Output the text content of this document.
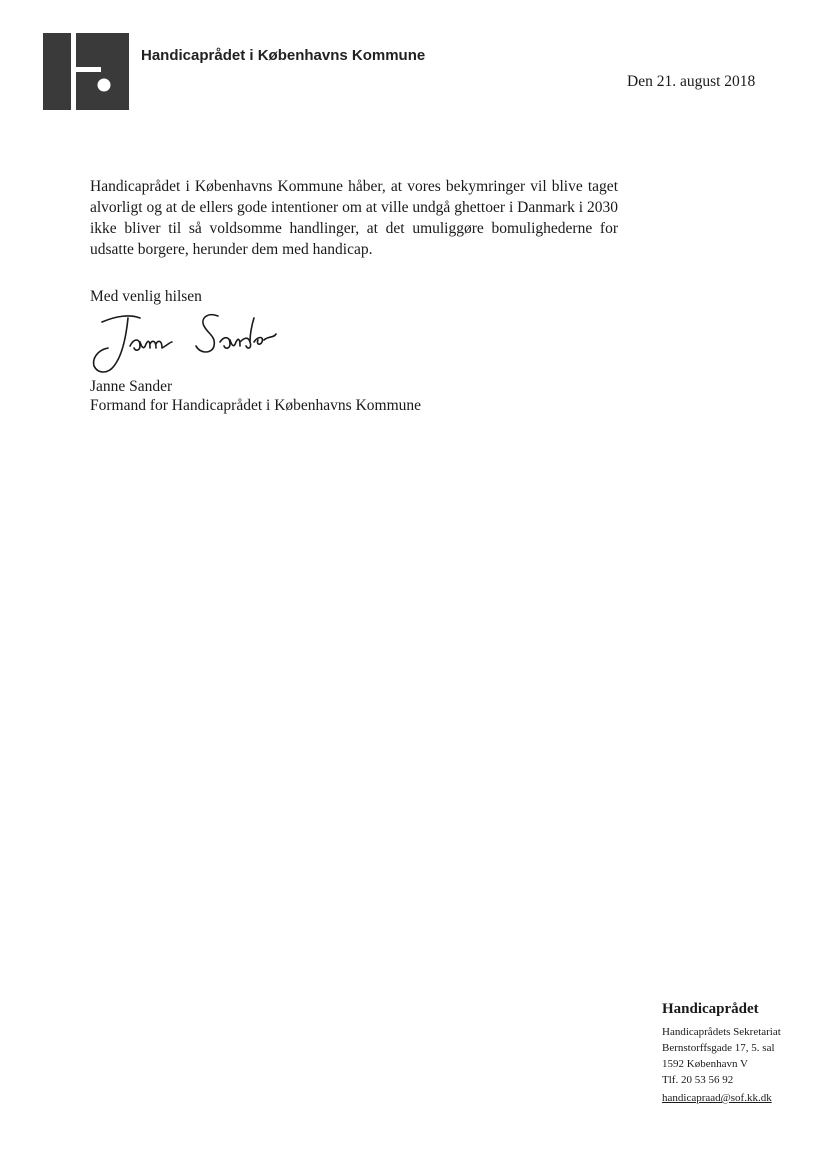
Handicaprådet i Københavns Kommune
Den 21. august 2018

Handicaprådet i Københavns Kommune håber, at vores bekymringer vil blive taget alvorligt og at de ellers gode intentioner om at ville undgå ghettoer i Danmark i 2030 ikke bliver til så voldsomme handlinger, at det umuliggøre bomulighederne for udsatte borgere, herunder dem med handicap.

Med venlig hilsen
Janne Sander
Formand for Handicaprådet i Københavns Kommune
Handicaprådet
Handicaprådets Sekretariat
Bernstorffsgade 17, 5. sal
1592 København V
Tlf. 20 53 56 92
handicapraad@sof.kk.dk
